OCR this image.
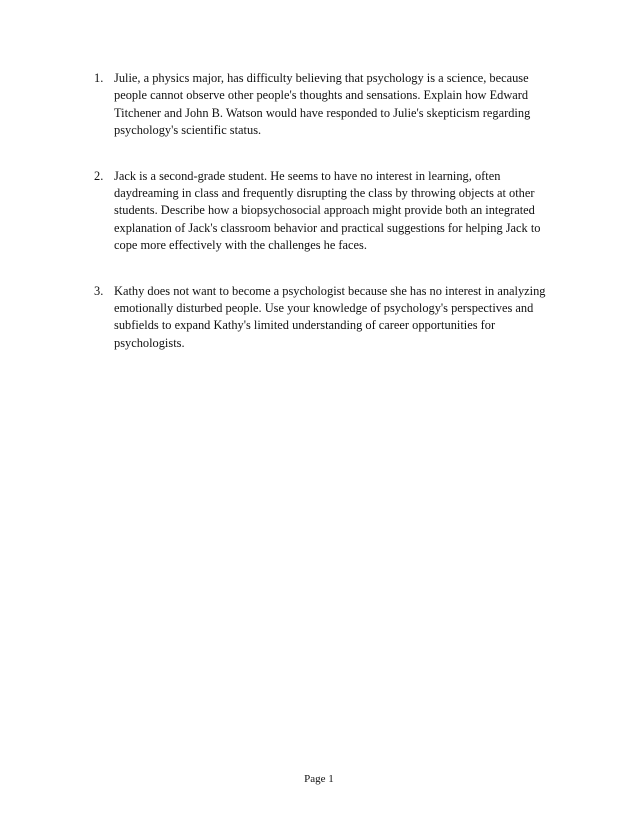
1. Julie, a physics major, has difficulty believing that psychology is a science, because people cannot observe other people's thoughts and sensations. Explain how Edward Titchener and John B. Watson would have responded to Julie's skepticism regarding psychology's scientific status.
2. Jack is a second-grade student. He seems to have no interest in learning, often daydreaming in class and frequently disrupting the class by throwing objects at other students. Describe how a biopsychosocial approach might provide both an integrated explanation of Jack's classroom behavior and practical suggestions for helping Jack to cope more effectively with the challenges he faces.
3. Kathy does not want to become a psychologist because she has no interest in analyzing emotionally disturbed people. Use your knowledge of psychology's perspectives and subfields to expand Kathy's limited understanding of career opportunities for psychologists.
Page 1
